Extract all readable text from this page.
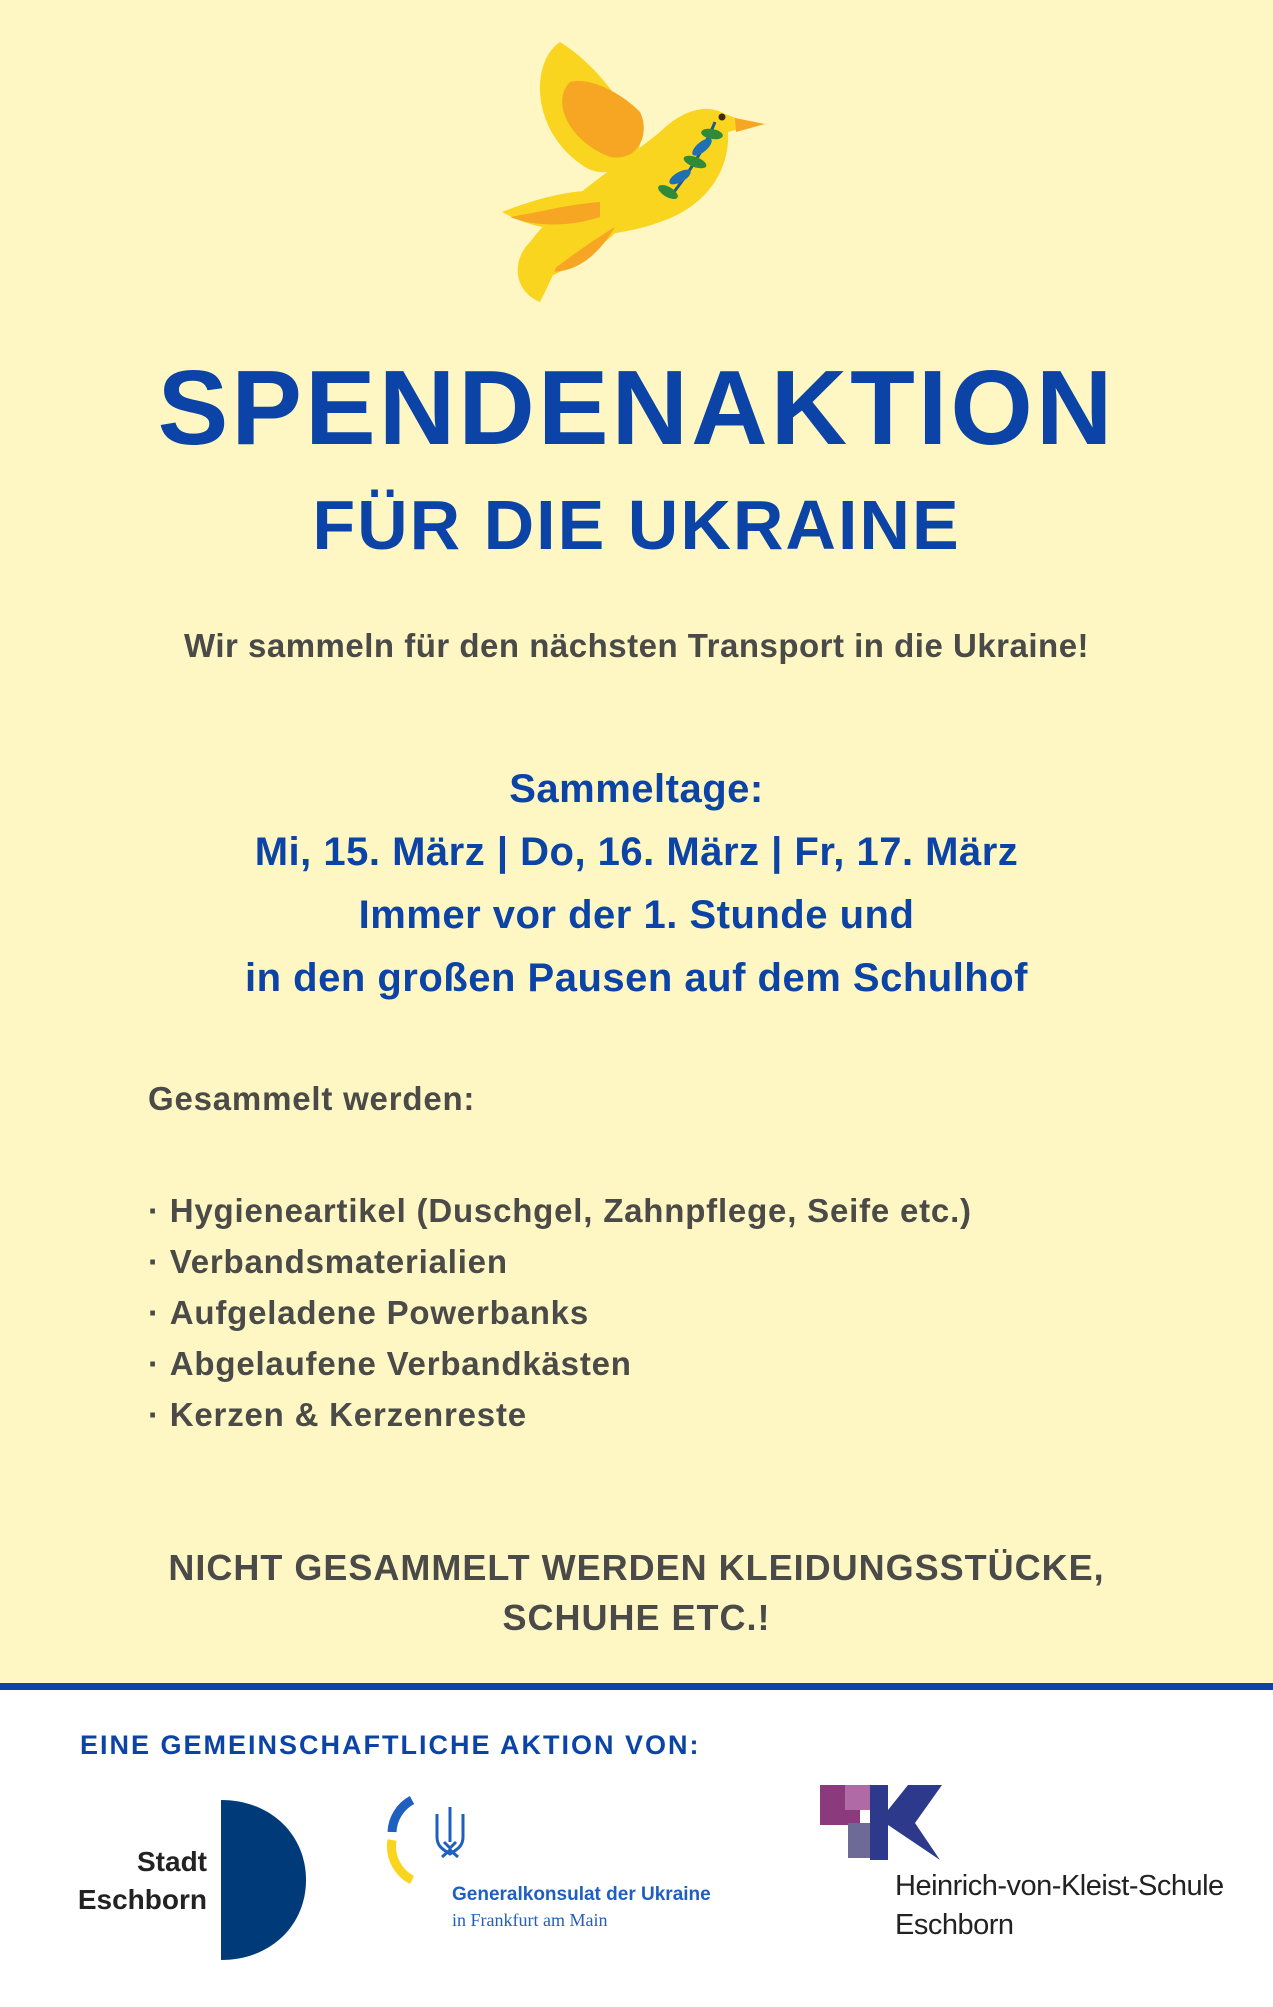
SPENDENAKTION
FÜR DIE UKRAINE
Wir sammeln für den nächsten Transport in die Ukraine!
Sammeltage:
Mi, 15. März | Do, 16. März | Fr, 17. März
Immer vor der 1. Stunde und
in den großen Pausen auf dem Schulhof
Gesammelt werden:
· Hygieneartikel (Duschgel, Zahnpflege, Seife etc.)
· Verbandsmaterialien
· Aufgeladene Powerbanks
· Abgelaufene Verbandkästen
· Kerzen & Kerzenreste
NICHT GESAMMELT WERDEN KLEIDUNGSSTÜCKE, SCHUHE ETC.!
EINE GEMEINSCHAFTLICHE AKTION VON:
Stadt
Eschborn	Generalkonsulat der Ukraine
in Frankfurt am Main
Heinrich-von-Kleist-Schule
Eschborn
